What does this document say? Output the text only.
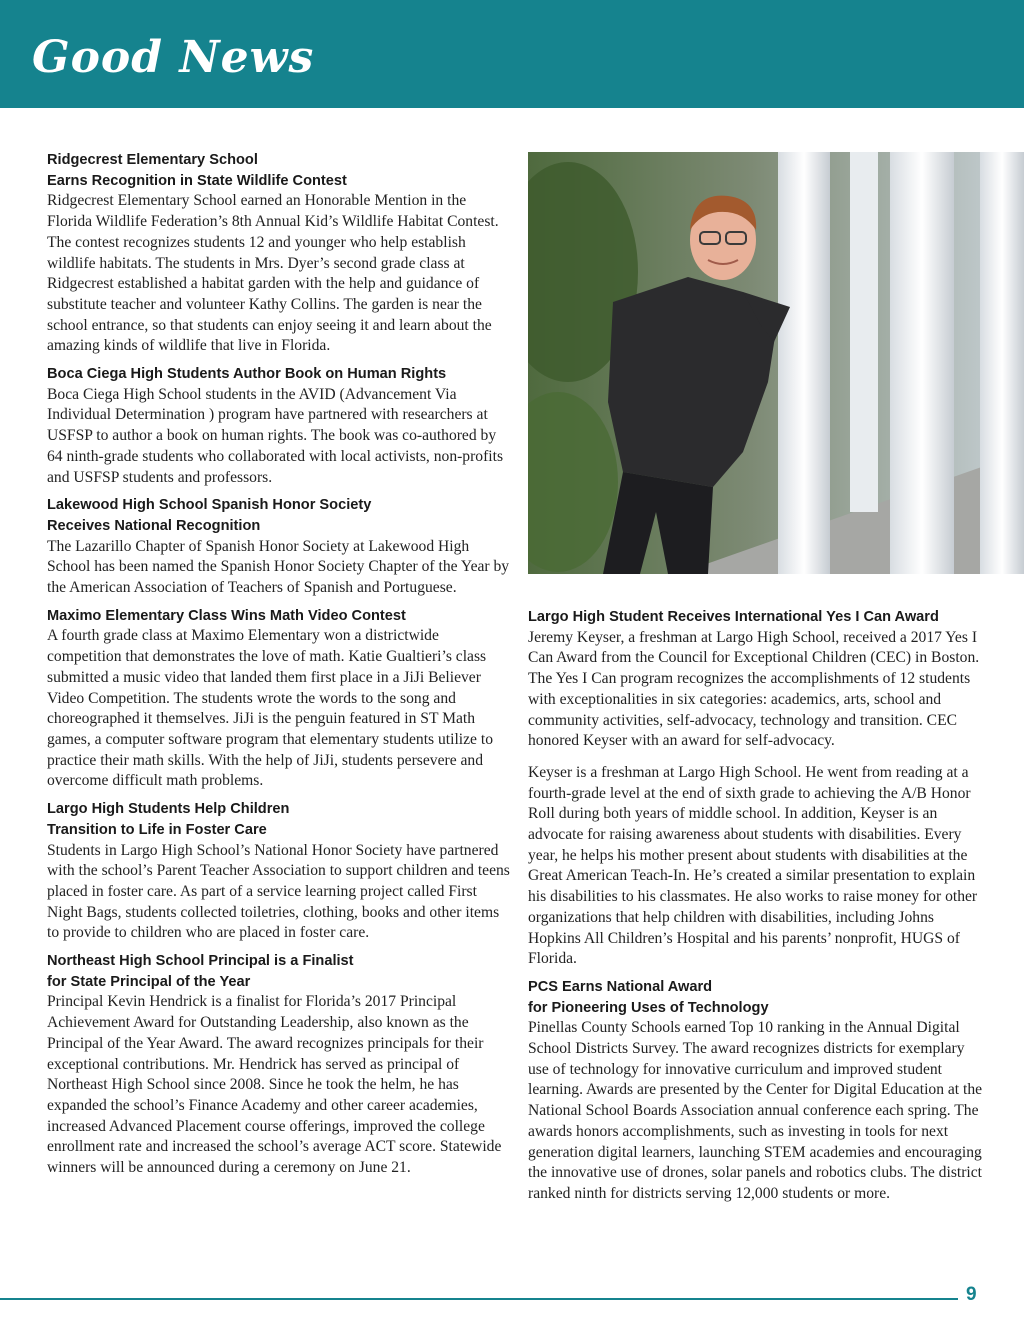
Good News

Ridgecrest Elementary School
Earns Recognition in State Wildlife Contest

Ridgecrest Elementary School earned an Honorable Mention in the Florida Wildlife Federation’s 8th Annual Kid’s Wildlife Habitat Contest. The contest recognizes students 12 and younger who help establish wildlife habitats. The students in Mrs. Dyer’s second grade class at Ridgecrest established a habitat garden with the help and guidance of substitute teacher and volunteer Kathy Collins. The garden is near the school entrance, so that students can enjoy seeing it and learn about the amazing kinds of wildlife that live in Florida.

Boca Ciega High Students Author Book on Human Rights

Boca Ciega High School students in the AVID (Advancement Via Individual Determination ) program have partnered with researchers at USFSP to author a book on human rights. The book was co-authored by 64 ninth-grade students who collaborated with local activists, non-profits and USFSP students and professors.

Lakewood High School Spanish Honor Society
Receives National Recognition

The Lazarillo Chapter of Spanish Honor Society at Lakewood High School has been named the Spanish Honor Society Chapter of the Year by the American Association of Teachers of Spanish and Portuguese.

Maximo Elementary Class Wins Math Video Contest

A fourth grade class at Maximo Elementary won a districtwide competition that demonstrates the love of math. Katie Gualtieri’s class submitted a music video that landed them first place in a JiJi Believer Video Competition. The students wrote the words to the song and choreographed it themselves. JiJi is the penguin featured in ST Math games, a computer software program that elementary students utilize to practice their math skills. With the help of JiJi, students persevere and overcome difficult math problems.

Largo High Students Help Children
Transition to Life in Foster Care

Students in Largo High School’s National Honor Society have partnered with the school’s Parent Teacher Association to support children and teens placed in foster care. As part of a service learning project called First Night Bags, students collected toiletries, clothing, books and other items to provide to children who are placed in foster care.

Northeast High School Principal is a Finalist
for State Principal of the Year

Principal Kevin Hendrick is a finalist for Florida’s 2017 Principal Achievement Award for Outstanding Leadership, also known as the Principal of the Year Award. The award recognizes principals for their exceptional contributions. Mr. Hendrick has served as principal of Northeast High School since 2008. Since he took the helm, he has expanded the school’s Finance Academy and other career academies, increased Advanced Placement course offerings, improved the college enrollment rate and increased the school’s average ACT score. Statewide winners will be announced during a ceremony on June 21.

Largo High Student Receives International Yes I Can Award

Jeremy Keyser, a freshman at Largo High School, received a 2017 Yes I Can Award from the Council for Exceptional Children (CEC) in Boston. The Yes I Can program recognizes the accomplishments of 12 students with exceptionalities in six categories: academics, arts, school and community activities, self-advocacy, technology and transition. CEC honored Keyser with an award for self-advocacy.

Keyser is a freshman at Largo High School. He went from reading at a fourth-grade level at the end of sixth grade to achieving the A/B Honor Roll during both years of middle school. In addition, Keyser is an advocate for raising awareness about students with disabilities. Every year, he helps his mother present about students with disabilities at the Great American Teach-In. He’s created a similar presentation to explain his disabilities to his classmates. He also works to raise money for other organizations that help children with disabilities, including Johns Hopkins All Children’s Hospital and his parents’ nonprofit, HUGS of Florida.

PCS Earns National Award
for Pioneering Uses of Technology

Pinellas County Schools earned Top 10 ranking in the Annual Digital School Districts Survey. The award recognizes districts for exemplary use of technology for innovative curriculum and improved student learning. Awards are presented by the Center for Digital Education at the National School Boards Association annual conference each spring. The awards honors accomplishments, such as investing in tools for next generation digital learners, launching STEM academies and encouraging the innovative use of drones, solar panels and robotics clubs. The district ranked ninth for districts serving 12,000 students or more.

9
